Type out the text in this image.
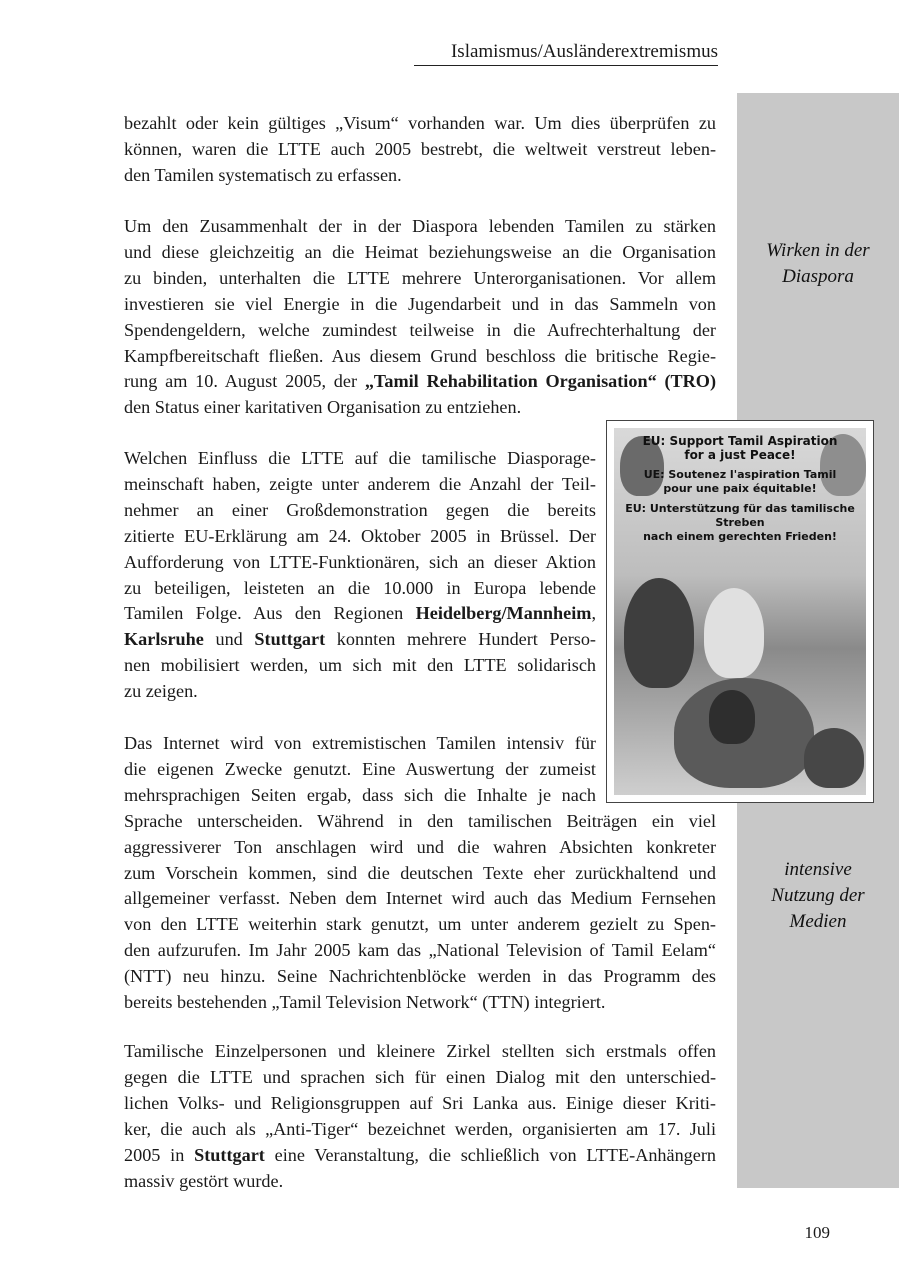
Islamismus/Ausländerextremismus
Wirken in der
Diaspora
intensive
Nutzung der
Medien
bezahlt oder kein gültiges „Visum“ vorhanden war. Um dies überprüfen zu
können, waren die LTTE auch 2005 bestrebt, die weltweit verstreut leben-
den Tamilen systematisch zu erfassen.
Um den Zusammenhalt der in der Diaspora lebenden Tamilen zu stärken
und diese gleichzeitig an die Heimat beziehungsweise an die Organisation
zu binden, unterhalten die LTTE mehrere Unterorganisationen. Vor allem
investieren sie viel Energie in die Jugendarbeit und in das Sammeln von
Spendengeldern, welche zumindest teilweise in die Aufrechterhaltung der
Kampfbereitschaft fließen. Aus diesem Grund beschloss die britische Regie-
rung am 10. August 2005, der „Tamil Rehabilitation Organisation“ (TRO)
den Status einer karitativen Organisation zu entziehen.
Welchen Einfluss die LTTE auf die tamilische Diasporage-
meinschaft haben, zeigte unter anderem die Anzahl der Teil-
nehmer an einer Großdemonstration gegen die bereits
zitierte EU-Erklärung am 24. Oktober 2005 in Brüssel. Der
Aufforderung von LTTE-Funktionären, sich an dieser Aktion
zu beteiligen, leisteten an die 10.000 in Europa lebende
Tamilen Folge. Aus den Regionen Heidelberg/Mannheim,
Karlsruhe und Stuttgart konnten mehrere Hundert Perso-
nen mobilisiert werden, um sich mit den LTTE solidarisch
zu zeigen.
Das Internet wird von extremistischen Tamilen intensiv für
die eigenen Zwecke genutzt. Eine Auswertung der zumeist
mehrsprachigen Seiten ergab, dass sich die Inhalte je nach
Sprache unterscheiden. Während in den tamilischen Beiträgen ein viel
aggressiverer Ton anschlagen wird und die wahren Absichten konkreter
zum Vorschein kommen, sind die deutschen Texte eher zurückhaltend und
allgemeiner verfasst. Neben dem Internet wird auch das Medium Fernsehen
von den LTTE weiterhin stark genutzt, um unter anderem gezielt zu Spen-
den aufzurufen. Im Jahr 2005 kam das „National Television of Tamil Eelam“
(NTT) neu hinzu. Seine Nachrichtenblöcke werden in das Programm des
bereits bestehenden „Tamil Television Network“ (TTN) integriert.
Tamilische Einzelpersonen und kleinere Zirkel stellten sich erstmals offen
gegen die LTTE und sprachen sich für einen Dialog mit den unterschied-
lichen Volks- und Religionsgruppen auf Sri Lanka aus. Einige dieser Kriti-
ker, die auch als „Anti-Tiger“ bezeichnet werden, organisierten am 17. Juli
2005 in Stuttgart eine Veranstaltung, die schließlich von LTTE-Anhängern
massiv gestört wurde.
EU: Support Tamil Aspiration
for a just Peace!
UE: Soutenez l'aspiration Tamil
pour une paix équitable!
EU: Unterstützung für das tamilische Streben
nach einem gerechten Frieden!
109
